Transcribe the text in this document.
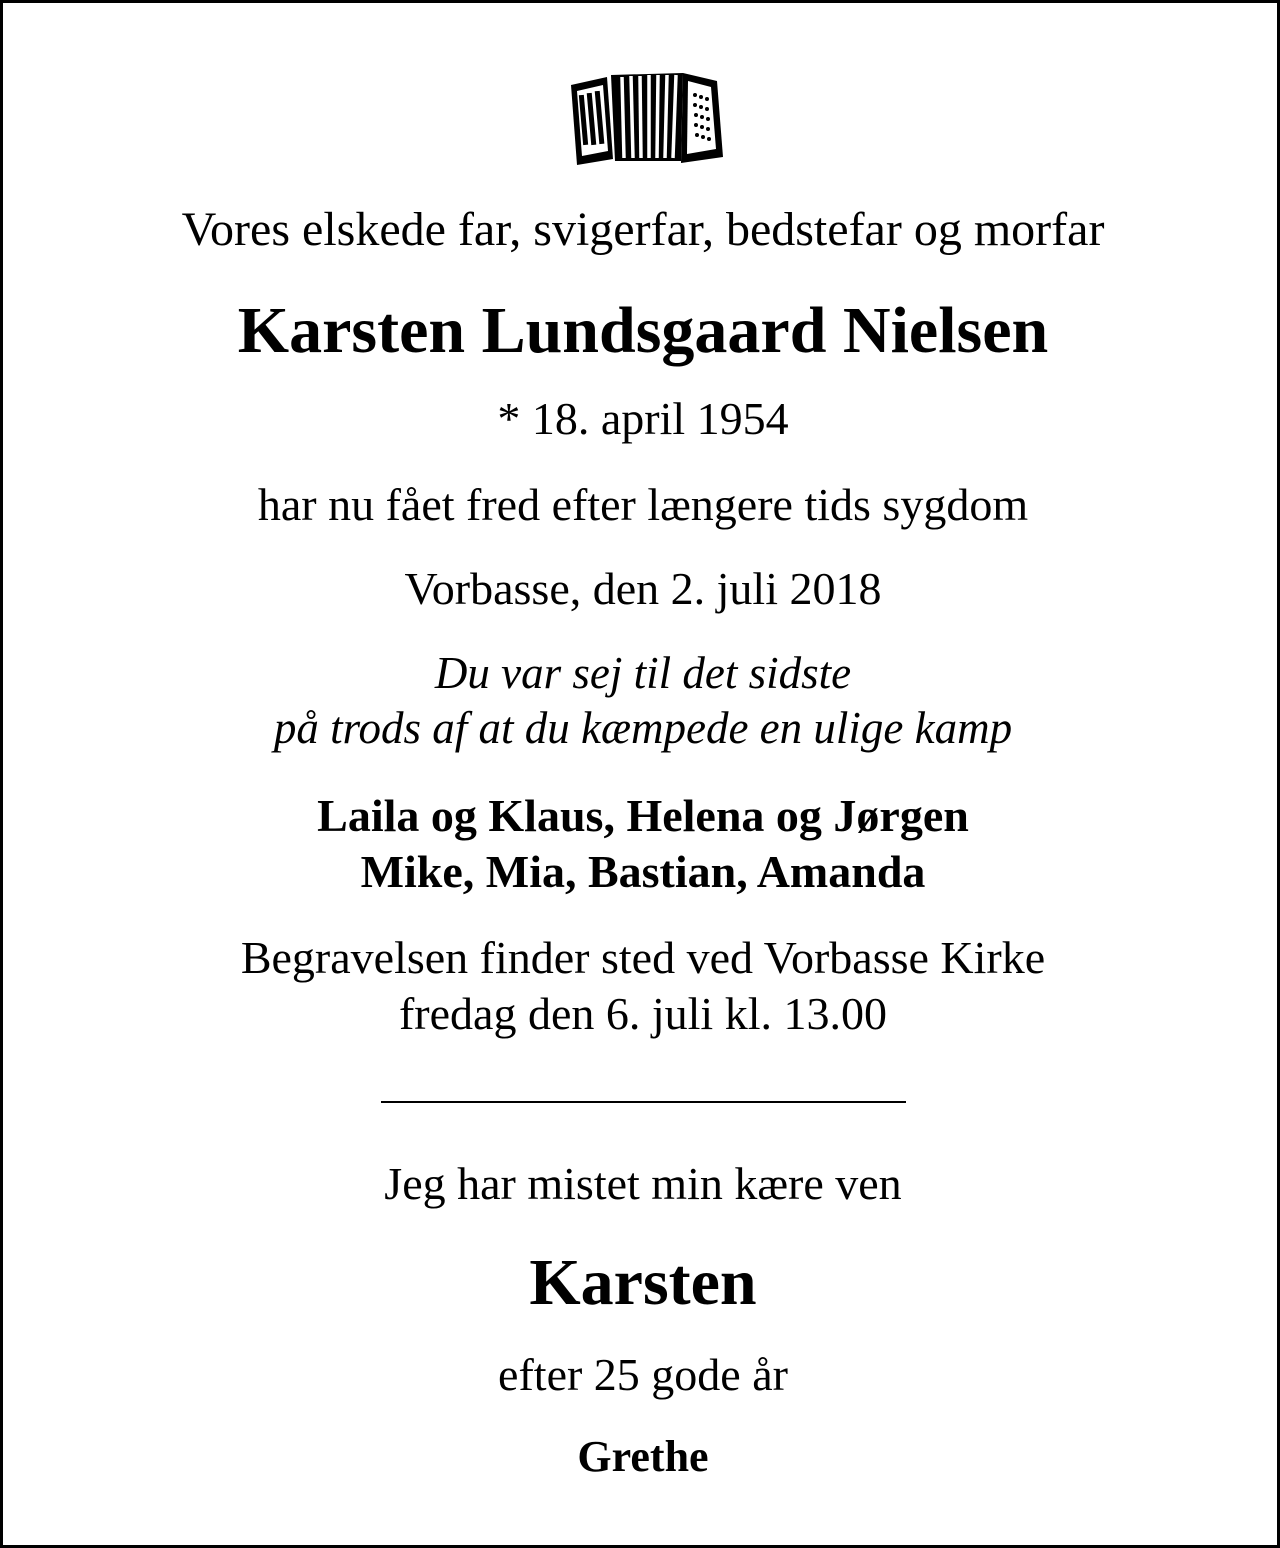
Vores elskede far, svigerfar, bedstefar og morfar
Karsten Lundsgaard Nielsen
* 18. april 1954
har nu fået fred efter længere tids sygdom
Vorbasse, den 2. juli 2018
Du var sej til det sidste
på trods af at du kæmpede en ulige kamp
Laila og Klaus, Helena og Jørgen
Mike, Mia, Bastian, Amanda
Begravelsen finder sted ved Vorbasse Kirke
fredag den 6. juli kl. 13.00
Jeg har mistet min kære ven
Karsten
efter 25 gode år
Grethe
